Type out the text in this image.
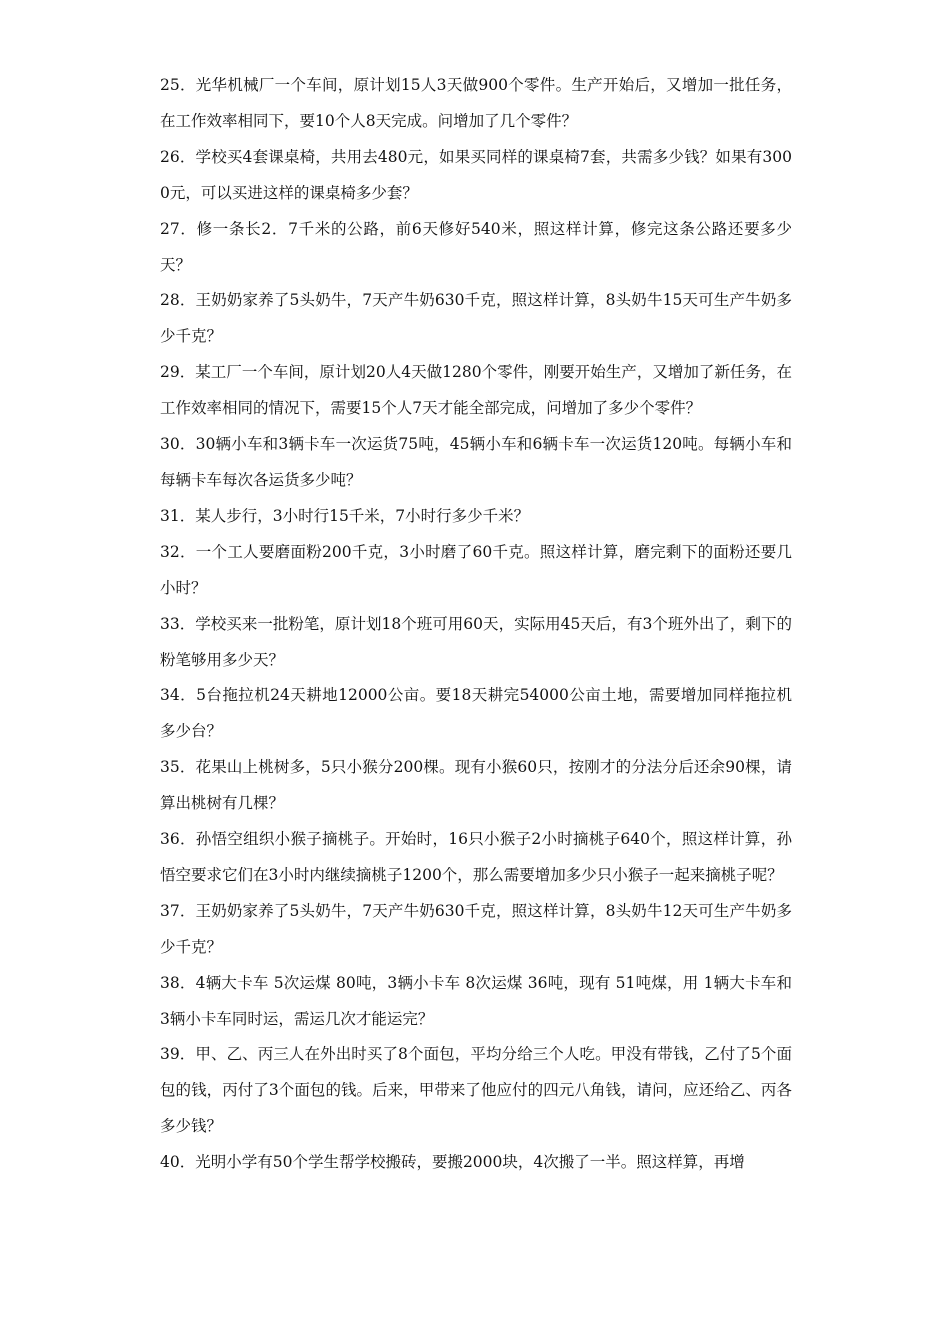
25．光华机械厂一个车间，原计划15人3天做900个零件。生产开始后，又增加一批任务，在工作效率相同下，要10个人8天完成。问增加了几个零件？
26．学校买4套课桌椅，共用去480元，如果买同样的课桌椅7套，共需多少钱？如果有3000元，可以买进这样的课桌椅多少套？
27．修一条长2．7千米的公路，前6天修好540米，照这样计算，修完这条公路还要多少天？
28．王奶奶家养了5头奶牛，7天产牛奶630千克，照这样计算，8头奶牛15天可生产牛奶多少千克？
29．某工厂一个车间，原计划20人4天做1280个零件，刚要开始生产，又增加了新任务，在工作效率相同的情况下，需要15个人7天才能全部完成，问增加了多少个零件？
30．30辆小车和3辆卡车一次运货75吨，45辆小车和6辆卡车一次运货120吨。每辆小车和每辆卡车每次各运货多少吨？
31．某人步行，3小时行15千米，7小时行多少千米？
32．一个工人要磨面粉200千克，3小时磨了60千克。照这样计算，磨完剩下的面粉还要几小时？
33．学校买来一批粉笔，原计划18个班可用60天，实际用45天后，有3个班外出了，剩下的粉笔够用多少天？
34．5台拖拉机24天耕地12000公亩。要18天耕完54000公亩土地，需要增加同样拖拉机多少台？
35．花果山上桃树多，5只小猴分200棵。现有小猴60只，按刚才的分法分后还余90棵，请算出桃树有几棵？
36．孙悟空组织小猴子摘桃子。开始时，16只小猴子2小时摘桃子640个，照这样计算，孙悟空要求它们在3小时内继续摘桃子1200个，那么需要增加多少只小猴子一起来摘桃子呢？
37．王奶奶家养了5头奶牛，7天产牛奶630千克，照这样计算，8头奶牛12天可生产牛奶多少千克？
38．4辆大卡车 5次运煤 80吨，3辆小卡车 8次运煤 36吨，现有 51吨煤，用 1辆大卡车和 3辆小卡车同时运，需运几次才能运完？
39．甲、乙、丙三人在外出时买了8个面包，平均分给三个人吃。甲没有带钱，乙付了5个面包的钱，丙付了3个面包的钱。后来，甲带来了他应付的四元八角钱，请问，应还给乙、丙各多少钱？
40．光明小学有50个学生帮学校搬砖，要搬2000块，4次搬了一半。照这样算，再增
